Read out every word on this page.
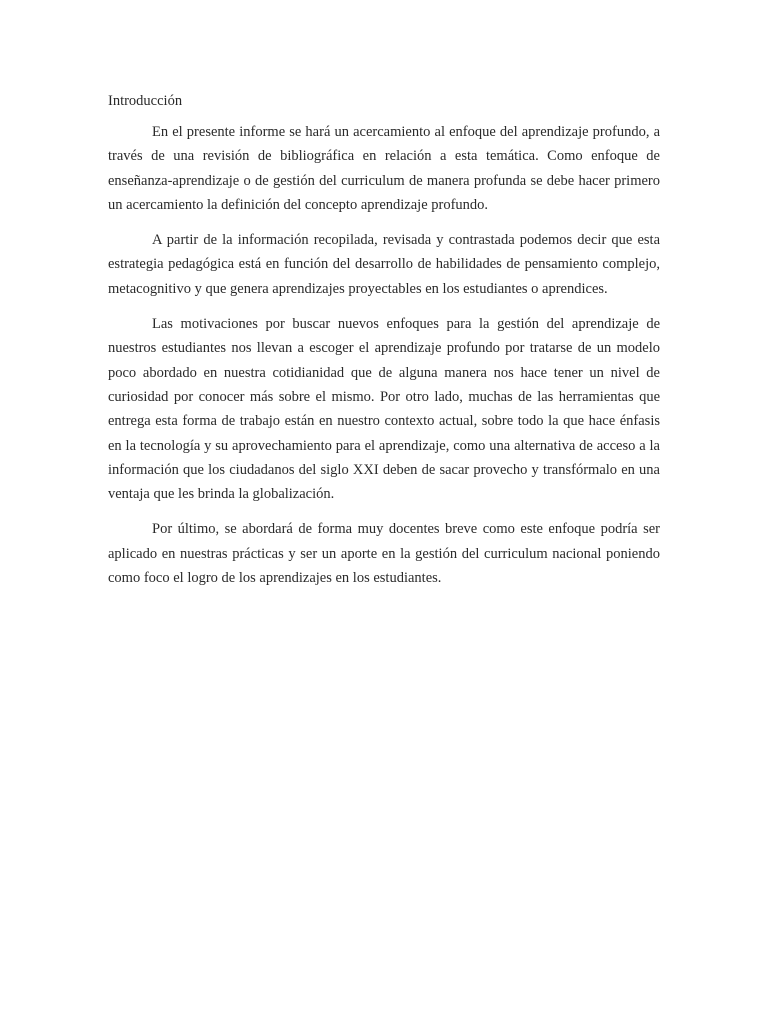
Introducción

En el presente informe se hará un acercamiento al enfoque del aprendizaje profundo, a través de una revisión de bibliográfica en relación a esta temática. Como enfoque de enseñanza-aprendizaje o de gestión del curriculum de manera profunda se debe hacer primero un acercamiento la definición del concepto aprendizaje profundo.

A partir de la información recopilada, revisada y contrastada podemos decir que esta estrategia pedagógica está en función del desarrollo de habilidades de pensamiento complejo, metacognitivo y que genera aprendizajes proyectables en los estudiantes o aprendices.

Las motivaciones por buscar nuevos enfoques para la gestión del aprendizaje de nuestros estudiantes nos llevan a escoger el aprendizaje profundo por tratarse de un modelo poco abordado en nuestra cotidianidad que de alguna manera nos hace tener un nivel de curiosidad por conocer más sobre el mismo. Por otro lado, muchas de las herramientas que entrega esta forma de trabajo están en nuestro contexto actual, sobre todo la que hace énfasis en la tecnología y su aprovechamiento para el aprendizaje, como una alternativa de acceso a la información que los ciudadanos del siglo XXI deben de sacar provecho y transfórmalo en una ventaja que les brinda la globalización.

Por último, se abordará de forma muy docentes breve como este enfoque podría ser aplicado en nuestras prácticas y ser un aporte en la gestión del curriculum nacional poniendo como foco el logro de los aprendizajes en los estudiantes.
